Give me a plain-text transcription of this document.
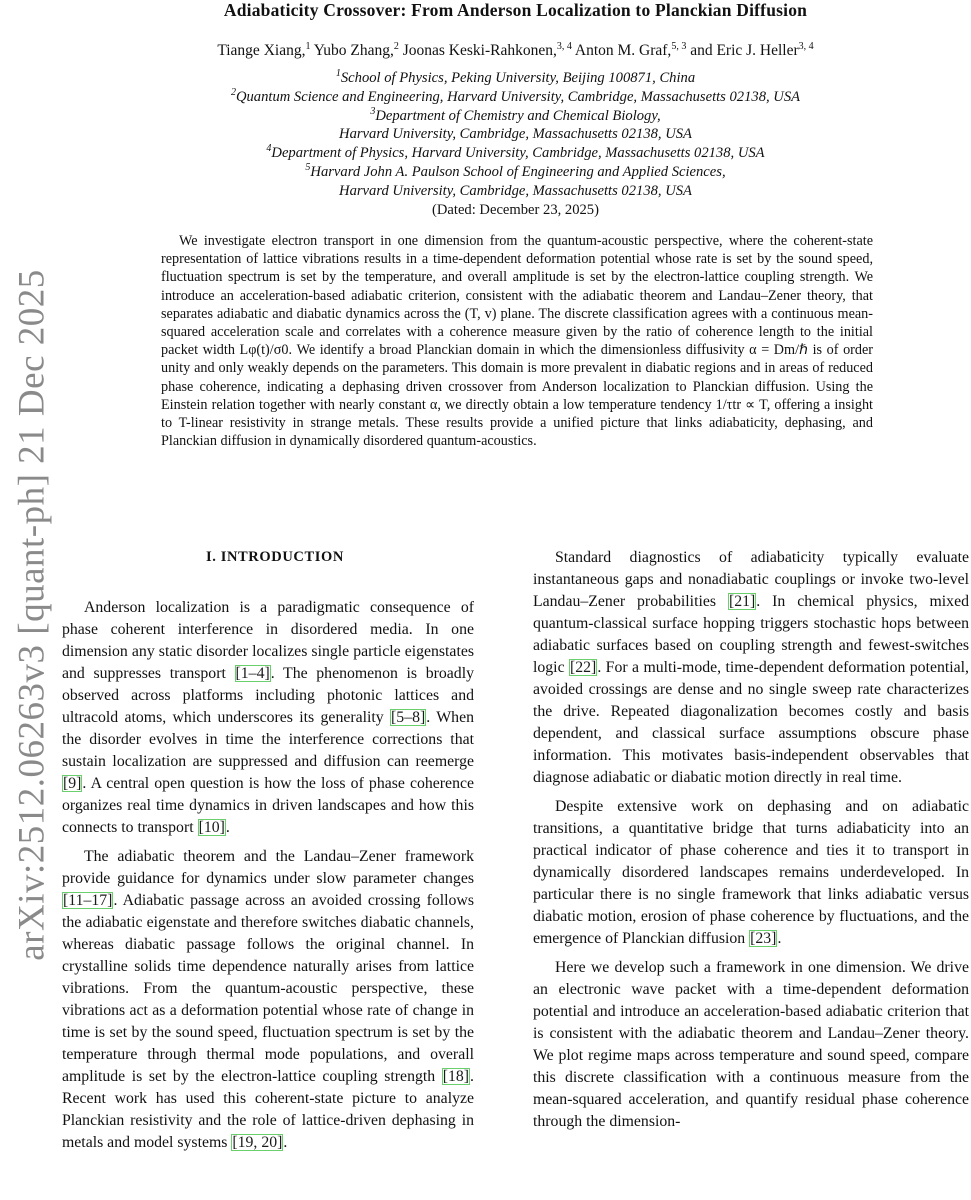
arXiv:2512.06263v3 [quant-ph] 21 Dec 2025
Adiabaticity Crossover: From Anderson Localization to Planckian Diffusion
Tiange Xiang,$^1$ Yubo Zhang,$^2$ Joonas Keski-Rahkonen,$^{3, 4}$ Anton M. Graf,$^{5, 3}$ and Eric J. Heller$^{3, 4}$
$^1$School of Physics, Peking University, Beijing 100871, China
$^2$Quantum Science and Engineering, Harvard University, Cambridge, Massachusetts 02138, USA
$^3$Department of Chemistry and Chemical Biology,
Harvard University, Cambridge, Massachusetts 02138, USA
$^4$Department of Physics, Harvard University, Cambridge, Massachusetts 02138, USA
$^5$Harvard John A. Paulson School of Engineering and Applied Sciences,
Harvard University, Cambridge, Massachusetts 02138, USA
(Dated: December 23, 2025)
We investigate electron transport in one dimension from the quantum-acoustic perspective, where the coherent-state representation of lattice vibrations results in a time-dependent deformation potential whose rate is set by the sound speed, fluctuation spectrum is set by the temperature, and overall amplitude is set by the electron-lattice coupling strength. We introduce an acceleration-based adiabatic criterion, consistent with the adiabatic theorem and Landau–Zener theory, that separates adiabatic and diabatic dynamics across the (T, v) plane. The discrete classification agrees with a continuous mean-squared acceleration scale and correlates with a coherence measure given by the ratio of coherence length to the initial packet width Lφ(t)/σ0. We identify a broad Planckian domain in which the dimensionless diffusivity α = Dm/ℏ is of order unity and only weakly depends on the parameters. This domain is more prevalent in diabatic regions and in areas of reduced phase coherence, indicating a dephasing driven crossover from Anderson localization to Planckian diffusion. Using the Einstein relation together with nearly constant α, we directly obtain a low temperature tendency 1/τtr ∝ T, offering a insight to T-linear resistivity in strange metals. These results provide a unified picture that links adiabaticity, dephasing, and Planckian diffusion in dynamically disordered quantum-acoustics.
I. INTRODUCTION

Anderson localization is a paradigmatic consequence of phase coherent interference in disordered media. In one dimension any static disorder localizes single particle eigenstates and suppresses transport [1–4]. The phenomenon is broadly observed across platforms including photonic lattices and ultracold atoms, which underscores its generality [5–8]. When the disorder evolves in time the interference corrections that sustain localization are suppressed and diffusion can reemerge [9]. A central open question is how the loss of phase coherence organizes real time dynamics in driven landscapes and how this connects to transport [10].

The adiabatic theorem and the Landau–Zener framework provide guidance for dynamics under slow parameter changes [11–17]. Adiabatic passage across an avoided crossing follows the adiabatic eigenstate and therefore switches diabatic channels, whereas diabatic passage follows the original channel. In crystalline solids time dependence naturally arises from lattice vibrations. From the quantum-acoustic perspective, these vibrations act as a deformation potential whose rate of change in time is set by the sound speed, fluctuation spectrum is set by the temperature through thermal mode populations, and overall amplitude is set by the electron-lattice coupling strength [18]. Recent work has used this coherent-state picture to analyze Planckian resistivity and the role of lattice-driven dephasing in metals and model systems [19, 20].

Standard diagnostics of adiabaticity typically evaluate instantaneous gaps and nonadiabatic couplings or invoke two-level Landau–Zener probabilities [21]. In chemical physics, mixed quantum-classical surface hopping triggers stochastic hops between adiabatic surfaces based on coupling strength and fewest-switches logic [22]. For a multi-mode, time-dependent deformation potential, avoided crossings are dense and no single sweep rate characterizes the drive. Repeated diagonalization becomes costly and basis dependent, and classical surface assumptions obscure phase information. This motivates basis-independent observables that diagnose adiabatic or diabatic motion directly in real time.

Despite extensive work on dephasing and on adiabatic transitions, a quantitative bridge that turns adiabaticity into an practical indicator of phase coherence and ties it to transport in dynamically disordered landscapes remains underdeveloped. In particular there is no single framework that links adiabatic versus diabatic motion, erosion of phase coherence by fluctuations, and the emergence of Planckian diffusion [23].

Here we develop such a framework in one dimension. We drive an electronic wave packet with a time-dependent deformation potential and introduce an acceleration-based adiabatic criterion that is consistent with the adiabatic theorem and Landau–Zener theory. We plot regime maps across temperature and sound speed, compare this discrete classification with a continuous measure from the mean-squared acceleration, and quantify residual phase coherence through the dimension-
